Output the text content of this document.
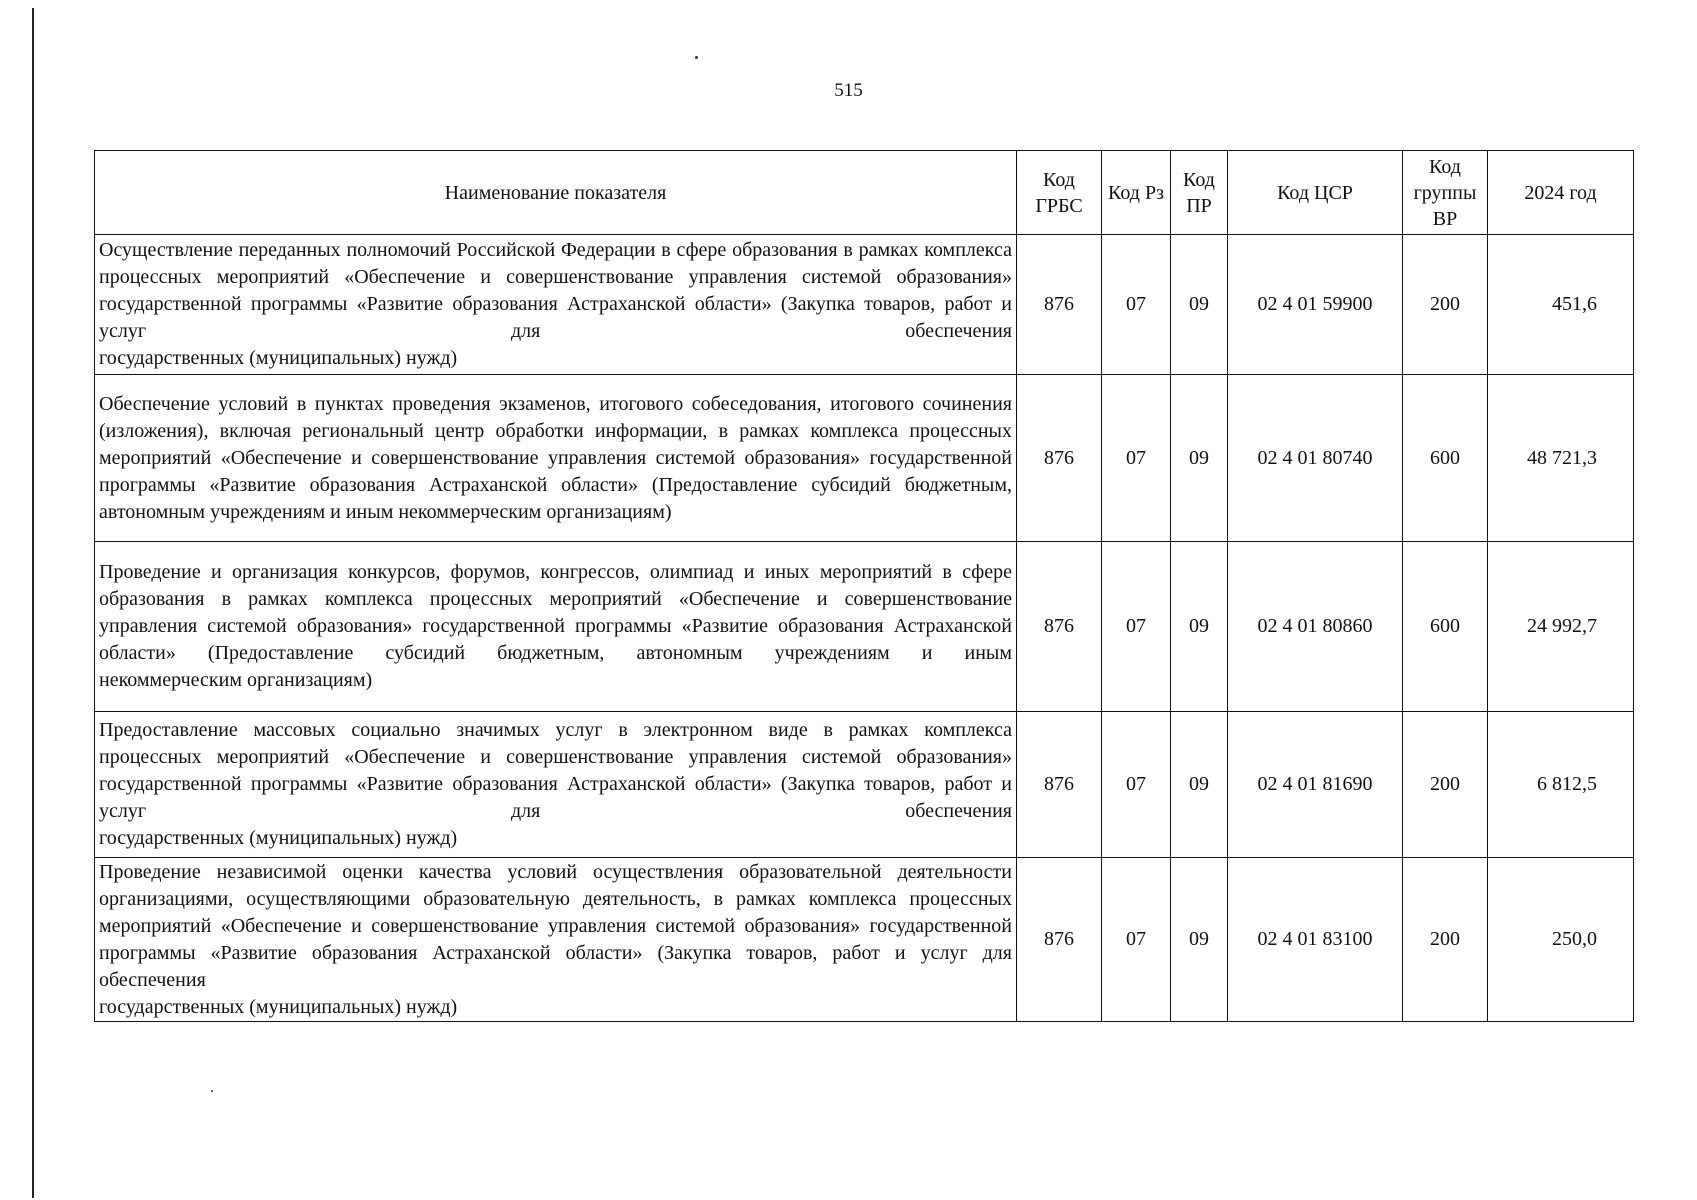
515
Наименование показателя	Код ГРБС	Код Рз	Код ПР	Код ЦСР	Код группы ВР	2024 год

Осуществление переданных полномочий Российской Федерации в сфере образования в рамках комплекса процессных мероприятий «Обеспечение и совершенствование управления системой образования» государственной программы «Развитие образования Астраханской области» (Закупка товаров, работ и услуг для обеспечения
государственных (муниципальных) нужд)	876	07	09	02 4 01 59900	200	451,6

Обеспечение условий в пунктах проведения экзаменов, итогового собеседования, итогового сочинения (изложения), включая региональный центр обработки информации, в рамках комплекса процессных мероприятий «Обеспечение и совершенствование управления системой образования» государственной программы «Развитие образования Астраханской области» (Предоставление субсидий бюджетным,
автономным учреждениям и иным некоммерческим организациям)	876	07	09	02 4 01 80740	600	48 721,3

Проведение и организация конкурсов, форумов, конгрессов, олимпиад и иных мероприятий в сфере образования в рамках комплекса процессных мероприятий «Обеспечение и совершенствование управления системой образования» государственной программы «Развитие образования Астраханской области» (Предоставление субсидий бюджетным, автономным учреждениям и иным
некоммерческим организациям)	876	07	09	02 4 01 80860	600	24 992,7

Предоставление массовых социально значимых услуг в электронном виде в рамках комплекса процессных мероприятий «Обеспечение и совершенствование управления системой образования» государственной программы «Развитие образования Астраханской области» (Закупка товаров, работ и услуг для обеспечения
государственных (муниципальных) нужд)	876	07	09	02 4 01 81690	200	6 812,5

Проведение независимой оценки качества условий осуществления образовательной деятельности организациями, осуществляющими образовательную деятельность, в рамках комплекса процессных мероприятий «Обеспечение и совершенствование управления системой образования» государственной программы «Развитие образования Астраханской области» (Закупка товаров, работ и услуг для обеспечения
государственных (муниципальных) нужд)	876	07	09	02 4 01 83100	200	250,0
